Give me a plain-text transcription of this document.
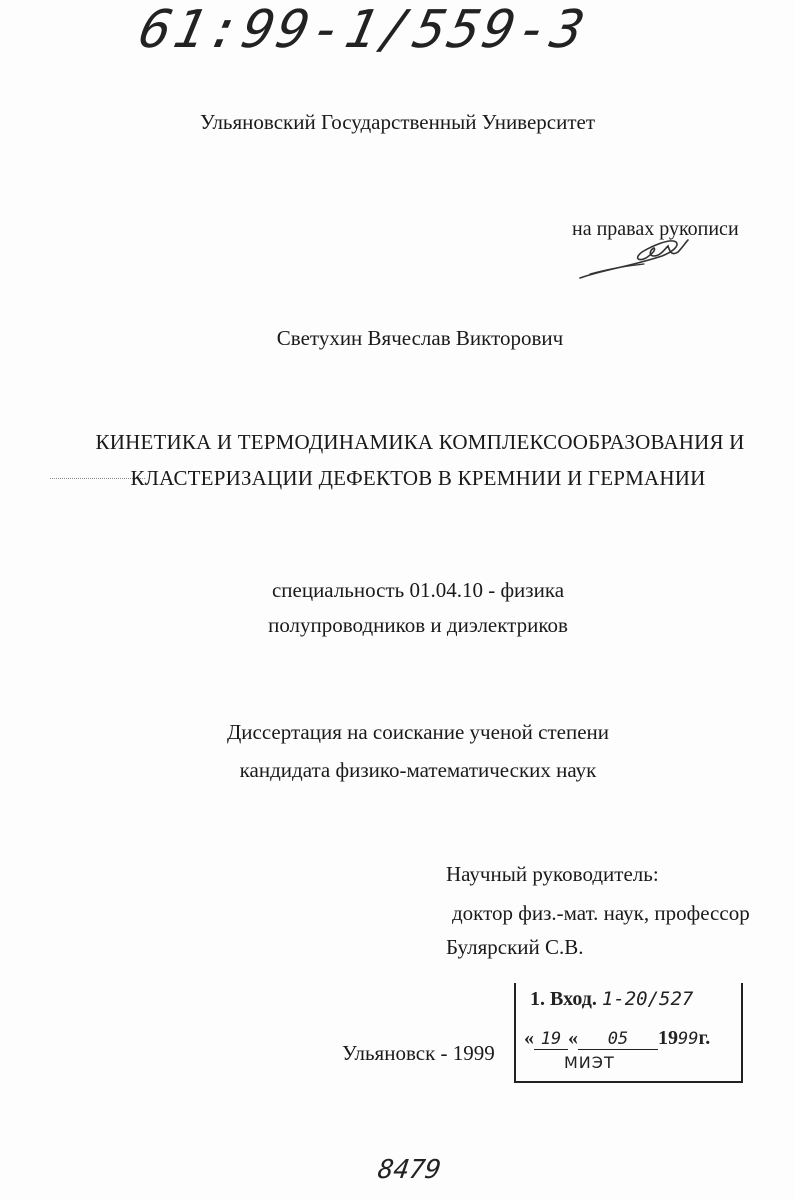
61:99-1/559-3
Ульяновский Государственный Университет
на правах рукописи
Светухин Вячеслав Викторович
КИНЕТИКА И ТЕРМОДИНАМИКА КОМПЛЕКСООБРАЗОВАНИЯ И
КЛАСТЕРИЗАЦИИ ДЕФЕКТОВ В КРЕМНИИ И ГЕРМАНИИ
специальность 01.04.10 - физика
полупроводников и диэлектриков
Диссертация на соискание ученой степени
кандидата физико-математических наук
Научный руководитель:
доктор физ.-мат. наук, профессор
Булярский С.В.
Ульяновск - 1999
1. Вход. 1-20/527
« 19 « 05 1999г.
МИЭТ
8479
